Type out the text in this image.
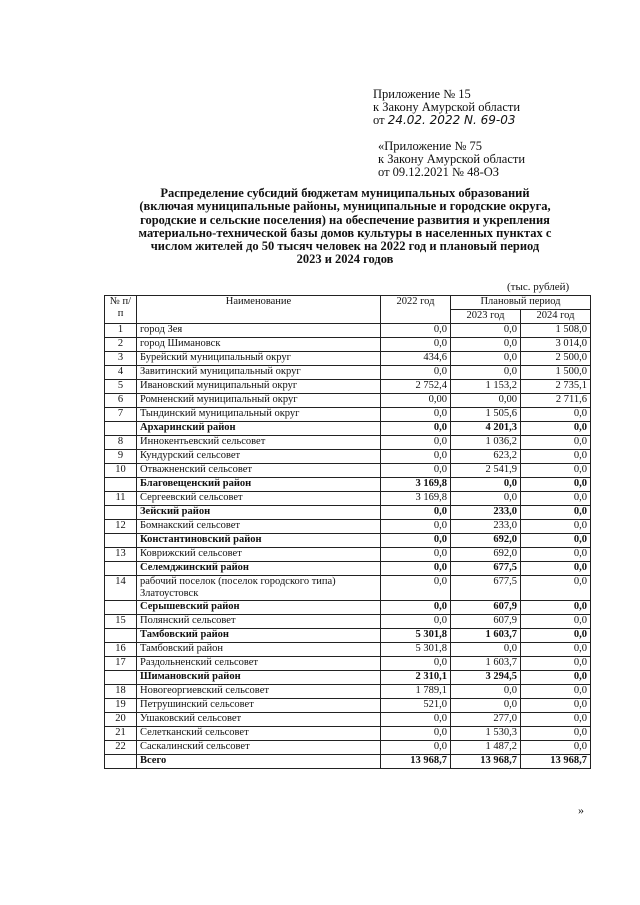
Приложение № 15
к Закону Амурской области
от 24.02. 2022 N. 69-03
«Приложение № 75
к Закону Амурской области
от 09.12.2021 № 48-ОЗ
Распределение субсидий бюджетам муниципальных образований
(включая муниципальные районы, муниципальные и городские округа,
городские и сельские поселения) на обеспечение развития и укрепления
материально-технической базы домов культуры в населенных пунктах с
числом жителей до 50 тысяч человек на 2022 год и плановый период
2023 и 2024 годов
(тыс. рублей)
№ п/п	Наименование	2022 год	Плановый период	
			2023 год	2024 год
1	город Зея	0,0	0,0	1 508,0
2	город Шимановск	0,0	0,0	3 014,0
3	Бурейский муниципальный округ	434,6	0,0	2 500,0
4	Завитинский муниципальный округ	0,0	0,0	1 500,0
5	Ивановский муниципальный округ	2 752,4	1 153,2	2 735,1
6	Ромненский муниципальный округ	0,00	0,00	2 711,6
7	Тындинский муниципальный округ	0,0	1 505,6	0,0
	Архаринский район	0,0	4 201,3	0,0
8	Иннокентьевский сельсовет	0,0	1 036,2	0,0
9	Кундурский сельсовет	0,0	623,2	0,0
10	Отважненский сельсовет	0,0	2 541,9	0,0
	Благовещенский район	3 169,8	0,0	0,0
11	Сергеевский сельсовет	3 169,8	0,0	0,0
	Зейский район	0,0	233,0	0,0
12	Бомнакский сельсовет	0,0	233,0	0,0
	Константиновский район	0,0	692,0	0,0
13	Коврижский сельсовет	0,0	692,0	0,0
	Селемджинский район	0,0	677,5	0,0
14	рабочий поселок (поселок городского типа) Златоустовск	0,0	677,5	0,0
	Серышевский район	0,0	607,9	0,0
15	Полянский сельсовет	0,0	607,9	0,0
	Тамбовский район	5 301,8	1 603,7	0,0
16	Тамбовский район	5 301,8	0,0	0,0
17	Раздольненский сельсовет	0,0	1 603,7	0,0
	Шимановский район	2 310,1	3 294,5	0,0
18	Новогеоргиевский сельсовет	1 789,1	0,0	0,0
19	Петрушинский сельсовет	521,0	0,0	0,0
20	Ушаковский сельсовет	0,0	277,0	0,0
21	Селетканский сельсовет	0,0	1 530,3	0,0
22	Саскалинский сельсовет	0,0	1 487,2	0,0
	Всего	13 968,7	13 968,7	13 968,7
»
